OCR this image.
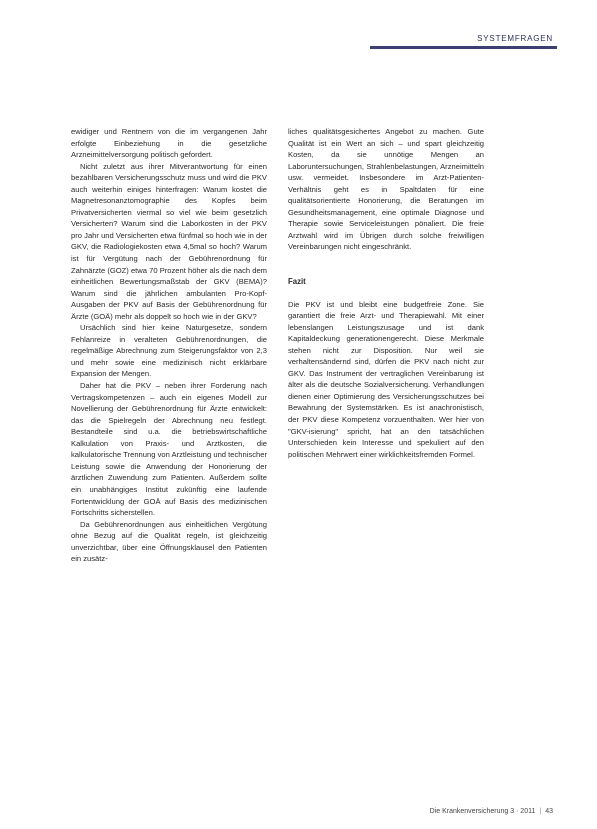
SYSTEMFRAGEN

ewidiger und Rentnern von die im vergangenen Jahr erfolgte Einbeziehung in die gesetzliche Arzneimittelversorgung politisch gefordert.

Nicht zuletzt aus ihrer Mitverantwortung für einen bezahlbaren Versicherungsschutz muss und wird die PKV auch weiterhin einiges hinterfragen: Warum kostet die Magnetresonanztomographie des Kopfes beim Privatversicherten viermal so viel wie beim gesetzlich Versicherten? Warum sind die Laborkosten in der PKV pro Jahr und Versicherten etwa fünfmal so hoch wie in der GKV, die Radiologiekosten etwa 4,5mal so hoch? Warum ist für Vergütung nach der Gebührenordnung für Zahnärzte (GOZ) etwa 70 Prozent höher als die nach dem einheitlichen Bewertungsmaßstab der GKV (BEMA)? Warum sind die jährlichen ambulanten Pro-Kopf-Ausgaben der PKV auf Basis der Gebührenordnung für Ärzte (GOÄ) mehr als doppelt so hoch wie in der GKV?

Ursächlich sind hier keine Naturgesetze, sondern Fehlanreize in veralteten Gebührenordnungen, die regelmäßige Abrechnung zum Steigerungsfaktor von 2,3 und mehr sowie eine medizinisch nicht erklärbare Expansion der Mengen.

Daher hat die PKV – neben ihrer Forderung nach Vertragskompetenzen – auch ein eigenes Modell zur Novellierung der Gebührenordnung für Ärzte entwickelt: das die Spielregeln der Abrechnung neu festlegt. Bestandteile sind u.a. die betriebswirtschaftliche Kalkulation von Praxis- und Arztkosten, die kalkulatorische Trennung von Arztleistung und technischer Leistung sowie die Anwendung der Honorierung der ärztlichen Zuwendung zum Patienten. Außerdem sollte ein unabhängiges Institut zukünftig eine laufende Fortentwicklung der GOÄ auf Basis des medizinischen Fortschritts sicherstellen.

Da Gebührenordnungen aus einheitlichen Vergütung ohne Bezug auf die Qualität regeln, ist gleichzeitig unverzichtbar, über eine Öffnungsklausel den Patienten ein zusätz-

liches qualitätsgesichertes Angebot zu machen. Gute Qualität ist ein Wert an sich – und spart gleichzeitig Kosten, da sie unnötige Mengen an Laboruntersuchungen, Strahlenbelastungen, Arzneimitteln usw. vermeidet. Insbesondere im Arzt-Patienten-Verhältnis geht es in Spaltdaten für eine qualitätsorientierte Honorierung, die Beratungen im Gesundheitsmanagement, eine optimale Diagnose und Therapie sowie Serviceleistungen pönaliert. Die freie Arztwahl wird im Übrigen durch solche freiwilligen Vereinbarungen nicht eingeschränkt.

Fazit

Die PKV ist und bleibt eine budgetfreie Zone. Sie garantiert die freie Arzt- und Therapiewahl. Mit einer lebenslangen Leistungszusage und ist dank Kapitaldeckung generationengerecht. Diese Merkmale stehen nicht zur Disposition. Nur weil sie verhaltensändernd sind, dürfen die PKV nach nicht zur GKV. Das Instrument der vertraglichen Vereinbarung ist älter als die deutsche Sozialversicherung. Verhandlungen dienen einer Optimierung des Versicherungsschutzes bei Bewahrung der Systemstärken. Es ist anachronistisch, der PKV diese Kompetenz vorzuenthalten. Wer hier von "GKV-isierung" spricht, hat an den tatsächlichen Unterschieden kein Interesse und spekuliert auf den politischen Mehrwert einer wirklichkeitsfremden Formel.

Die Krankenversicherung 3 · 2011 | 43
